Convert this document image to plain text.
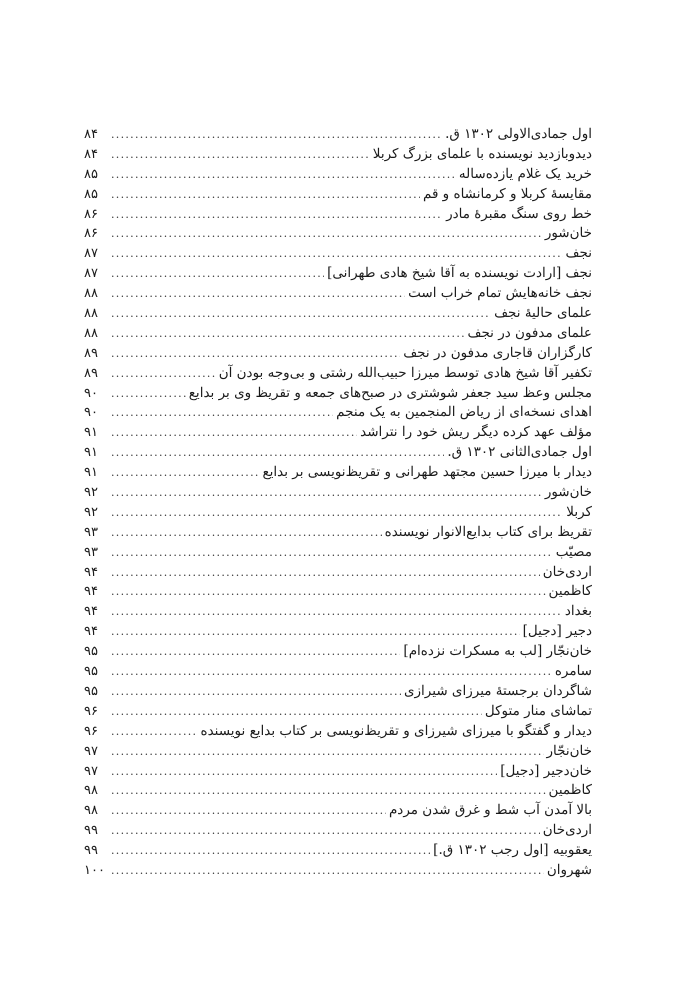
اول جمادی‌الاولی ۱۳۰۲ ق.
.....
۸۴
دیدوبازدید نویسنده با علمای بزرگ کربلا
.....
۸۴
خرید یک غلام یازده‌ساله
.....
۸۵
مقایسهٔ کربلا و کرمانشاه و قم
.....
۸۵
خط روی سنگ مقبرهٔ مادر
.....
۸۶
خان‌شور
.....
۸۶
نجف
.....
۸۷
نجف [ارادت نویسنده به آقا شیخ هادی طهرانی]
.....
۸۷
نجف خانه‌هایش تمام خراب است
.....
۸۸
علمای حالیهٔ نجف
.....
۸۸
علمای مدفون در نجف
.....
۸۸
کارگزاران قاجاری مدفون در نجف
.....
۸۹
تکفیر آقا شیخ هادی توسط میرزا حبیب‌الله رشتی و بی‌وجه بودن آن
.....
۸۹
مجلس وعظ سید جعفر شوشتری در صبح‌های جمعه و تقریظ وی بر بدایع
.....
۹۰
اهدای نسخه‌ای از ریاض المنجمین به یک منجم
.....
۹۰
مؤلف عهد کرده دیگر ریش خود را نتراشد
.....
۹۱
اول جمادی‌الثانی ۱۳۰۲ ق.
.....
۹۱
دیدار با میرزا حسین مجتهد طهرانی و تقریظ‌نویسی بر بدایع
.....
۹۱
خان‌شور
.....
۹۲
کربلا
.....
۹۲
تقریظ برای کتاب بدایع‌الانوار نویسنده
.....
۹۳
مصیّب
.....
۹۳
اردی‌خان
.....
۹۴
کاظمین
.....
۹۴
بغداد
.....
۹۴
دجیر [دجیل]
.....
۹۴
خان‌نجّار [لب به مسکرات نزده‌ام]
.....
۹۵
سامره
.....
۹۵
شاگردان برجستهٔ میرزای شیرازی
.....
۹۵
تماشای منار متوکل
.....
۹۶
دیدار و گفتگو با میرزای شیرزای و تقریظ‌نویسی بر کتاب بدایع نویسنده
.....
۹۶
خان‌نجّار
.....
۹۷
خان‌دجیر [دجیل]
.....
۹۷
کاظمین
.....
۹۸
بالا آمدن آب شط و غرق شدن مردم
.....
۹۸
اردی‌خان
.....
۹۹
یعقوبیه [اول رجب ۱۳۰۲ ق.]
.....
۹۹
شهروان
.....
۱۰۰
